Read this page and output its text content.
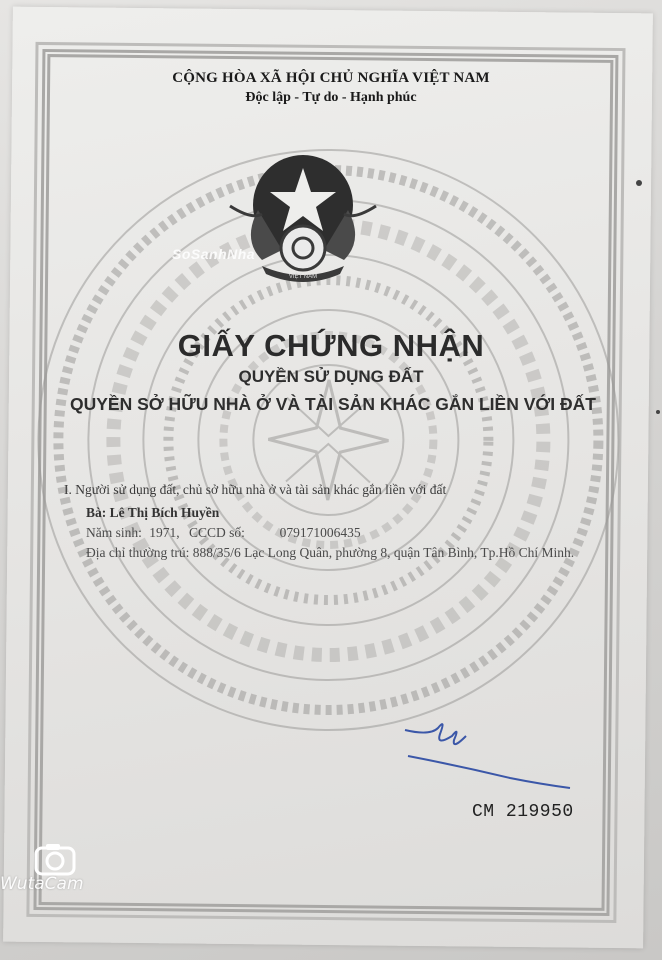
CỘNG HÒA XÃ HỘI CHỦ NGHĨA VIỆT NAM
Độc lập - Tự do - Hạnh phúc
VIỆT NAM
SoSanhNha
GIẤY CHỨNG NHẬN
QUYỀN SỬ DỤNG ĐẤT
QUYỀN SỞ HỮU NHÀ Ở VÀ TÀI SẢN KHÁC GẮN LIỀN VỚI ĐẤT
I. Người sử dụng đất, chủ sở hữu nhà ở và tài sản khác gắn liền với đất
Bà: Lê Thị Bích Huyền
Năm sinh: 1971, CCCD số:	079171006435
Địa chỉ thường trú: 888/35/6 Lạc Long Quân, phường 8, quận Tân Bình, Tp.Hồ Chí Minh.
CM 219950
WutaCam
